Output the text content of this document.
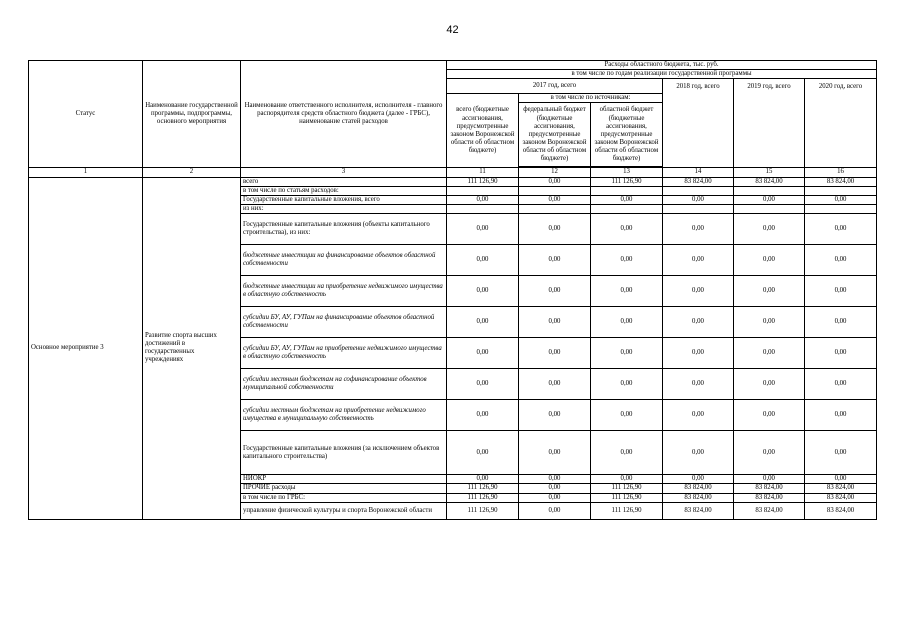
42
Статус	Наименование государственной программы, подпрограммы, основного мероприятия	Наименование ответственного исполнителя, исполнителя - главного распорядителя средств областного бюджета (далее - ГРБС), наименование статей расходов	Расходы областного бюджета, тыс. руб.					
			в том числе по годам реализации государственной программы					
			2017 год, всего			2018 год, всего	2019 год, всего	2020 год, всего
			всего (бюджетные ассигнования, предусмотренные законом Воронежской области об областном бюджете)	в том числе по источникам:				
				федеральный бюджет (бюджетные ассигнования, предусмотренные законом Воронежской области об областном бюджете)	областной бюджет (бюджетные ассигнования, предусмотренные законом Воронежской области об областном бюджете)			

1	2	3	11	12	13	14	15	16
Основное мероприятие 3	Развитие спорта высших достижений в государственных учреждениях	всего	111 126,90	0,00	111 126,90	83 824,00	83 824,00	83 824,00
		в том числе по статьям расходов:						
		Государственные капитальные вложения, всего	0,00	0,00	0,00	0,00	0,00	0,00
		из них:						
		Государственные капитальные вложения (объекты капитального строительства), из них:	0,00	0,00	0,00	0,00	0,00	0,00
		бюджетные инвестиции на финансирование объектов областной собственности	0,00	0,00	0,00	0,00	0,00	0,00
		бюджетные инвестиции на приобретение недвижимого имущества в областную собственность	0,00	0,00	0,00	0,00	0,00	0,00
		субсидии БУ, АУ, ГУПам на финансирование объектов областной собственности	0,00	0,00	0,00	0,00	0,00	0,00
		субсидии БУ, АУ, ГУПам на приобретение недвижимого имущества в областную собственность	0,00	0,00	0,00	0,00	0,00	0,00
		субсидии местным бюджетам на софинансирование объектов муниципальной собственности	0,00	0,00	0,00	0,00	0,00	0,00
		субсидии местным бюджетам на приобретение недвижимого имущества в муниципальную собственность	0,00	0,00	0,00	0,00	0,00	0,00
		Государственные капитальные вложения (за исключением объектов капитального строительства)	0,00	0,00	0,00	0,00	0,00	0,00
		НИОКР	0,00	0,00	0,00	0,00	0,00	0,00
		ПРОЧИЕ расходы	111 126,90	0,00	111 126,90	83 824,00	83 824,00	83 824,00
		в том числе по ГРБС:	111 126,90	0,00	111 126,90	83 824,00	83 824,00	83 824,00
		управление физической культуры и спорта Воронежской области	111 126,90	0,00	111 126,90	83 824,00	83 824,00	83 824,00
